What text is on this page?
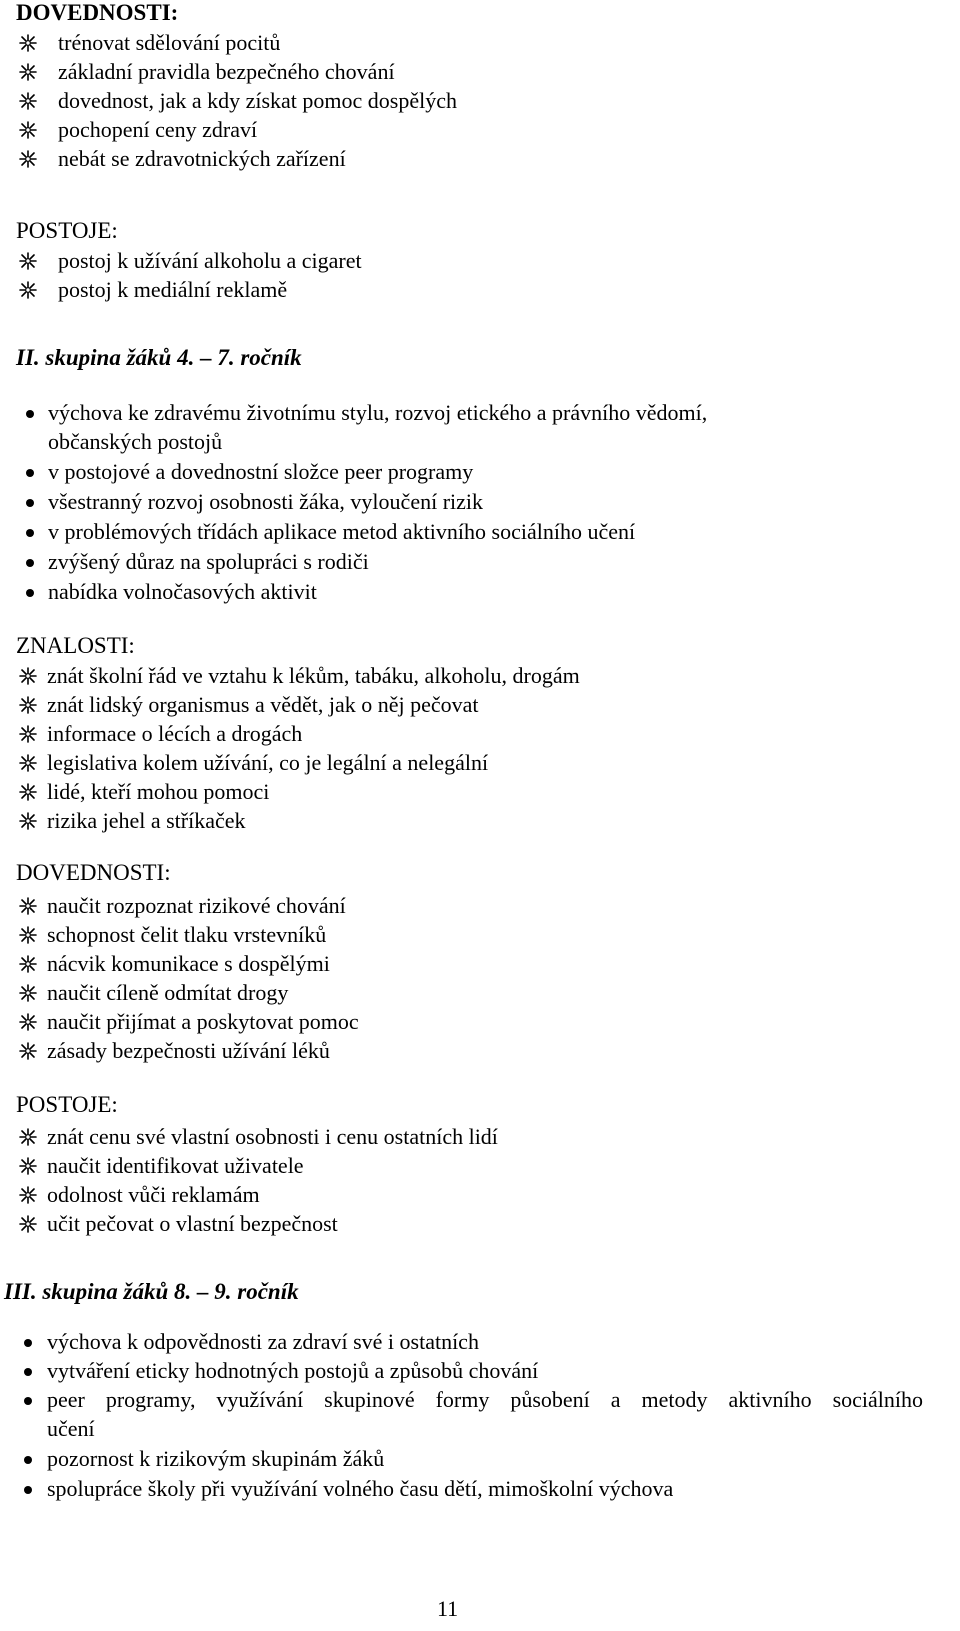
DOVEDNOSTI:
trénovat sdělování pocitů
základní pravidla bezpečného chování
dovednost, jak a kdy získat pomoc dospělých
pochopení ceny zdraví
nebát se zdravotnických zařízení
POSTOJE:
postoj k užívání alkoholu a cigaret
postoj k mediální reklamě
II. skupina žáků 4. – 7. ročník
výchova ke zdravému životnímu stylu, rozvoj etického a právního vědomí,
občanských postojů
v postojové a dovednostní složce peer programy
všestranný rozvoj osobnosti žáka, vyloučení rizik
v problémových třídách aplikace metod aktivního sociálního učení
zvýšený důraz na spolupráci s rodiči
nabídka volnočasových aktivit
ZNALOSTI:
znát školní řád ve vztahu k lékům, tabáku, alkoholu, drogám
znát lidský organismus a vědět, jak o něj pečovat
informace o lécích a drogách
legislativa kolem užívání, co je legální a nelegální
lidé, kteří mohou pomoci
rizika jehel a stříkaček
DOVEDNOSTI:
naučit rozpoznat rizikové chování
schopnost čelit tlaku vrstevníků
nácvik komunikace s dospělými
naučit cíleně odmítat drogy
naučit přijímat a poskytovat pomoc
zásady bezpečnosti užívání léků
POSTOJE:
znát cenu své vlastní osobnosti i cenu ostatních lidí
naučit identifikovat uživatele
odolnost vůči reklamám
učit pečovat o vlastní bezpečnost
III. skupina žáků 8. – 9. ročník
výchova k odpovědnosti za zdraví své i ostatních
vytváření eticky hodnotných postojů a způsobů chování
peer programy, využívání skupinové formy působení a metody aktivního sociálního
učení
pozornost k rizikovým skupinám žáků
spolupráce školy při využívání volného času dětí, mimoškolní výchova
11
